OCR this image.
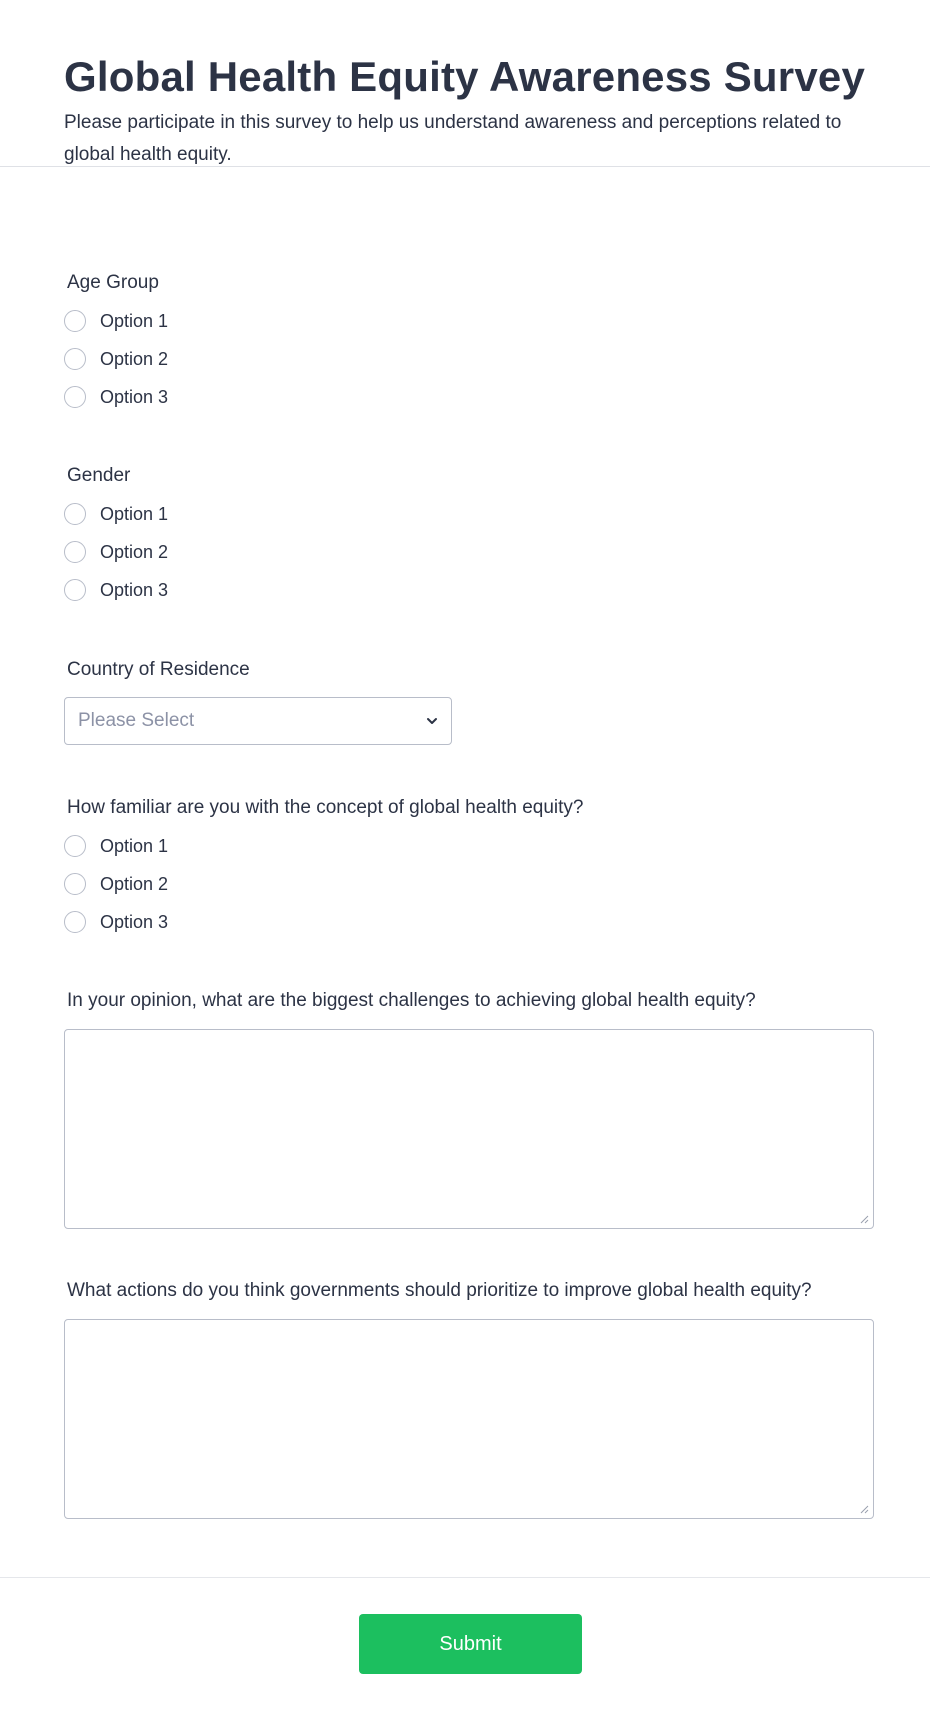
Global Health Equity Awareness Survey
Please participate in this survey to help us understand awareness and perceptions related to global health equity.
Age Group
Option 1
Option 2
Option 3
Gender
Option 1
Option 2
Option 3
Country of Residence
Please Select
How familiar are you with the concept of global health equity?
Option 1
Option 2
Option 3
In your opinion, what are the biggest challenges to achieving global health equity?
What actions do you think governments should prioritize to improve global health equity?
Submit
